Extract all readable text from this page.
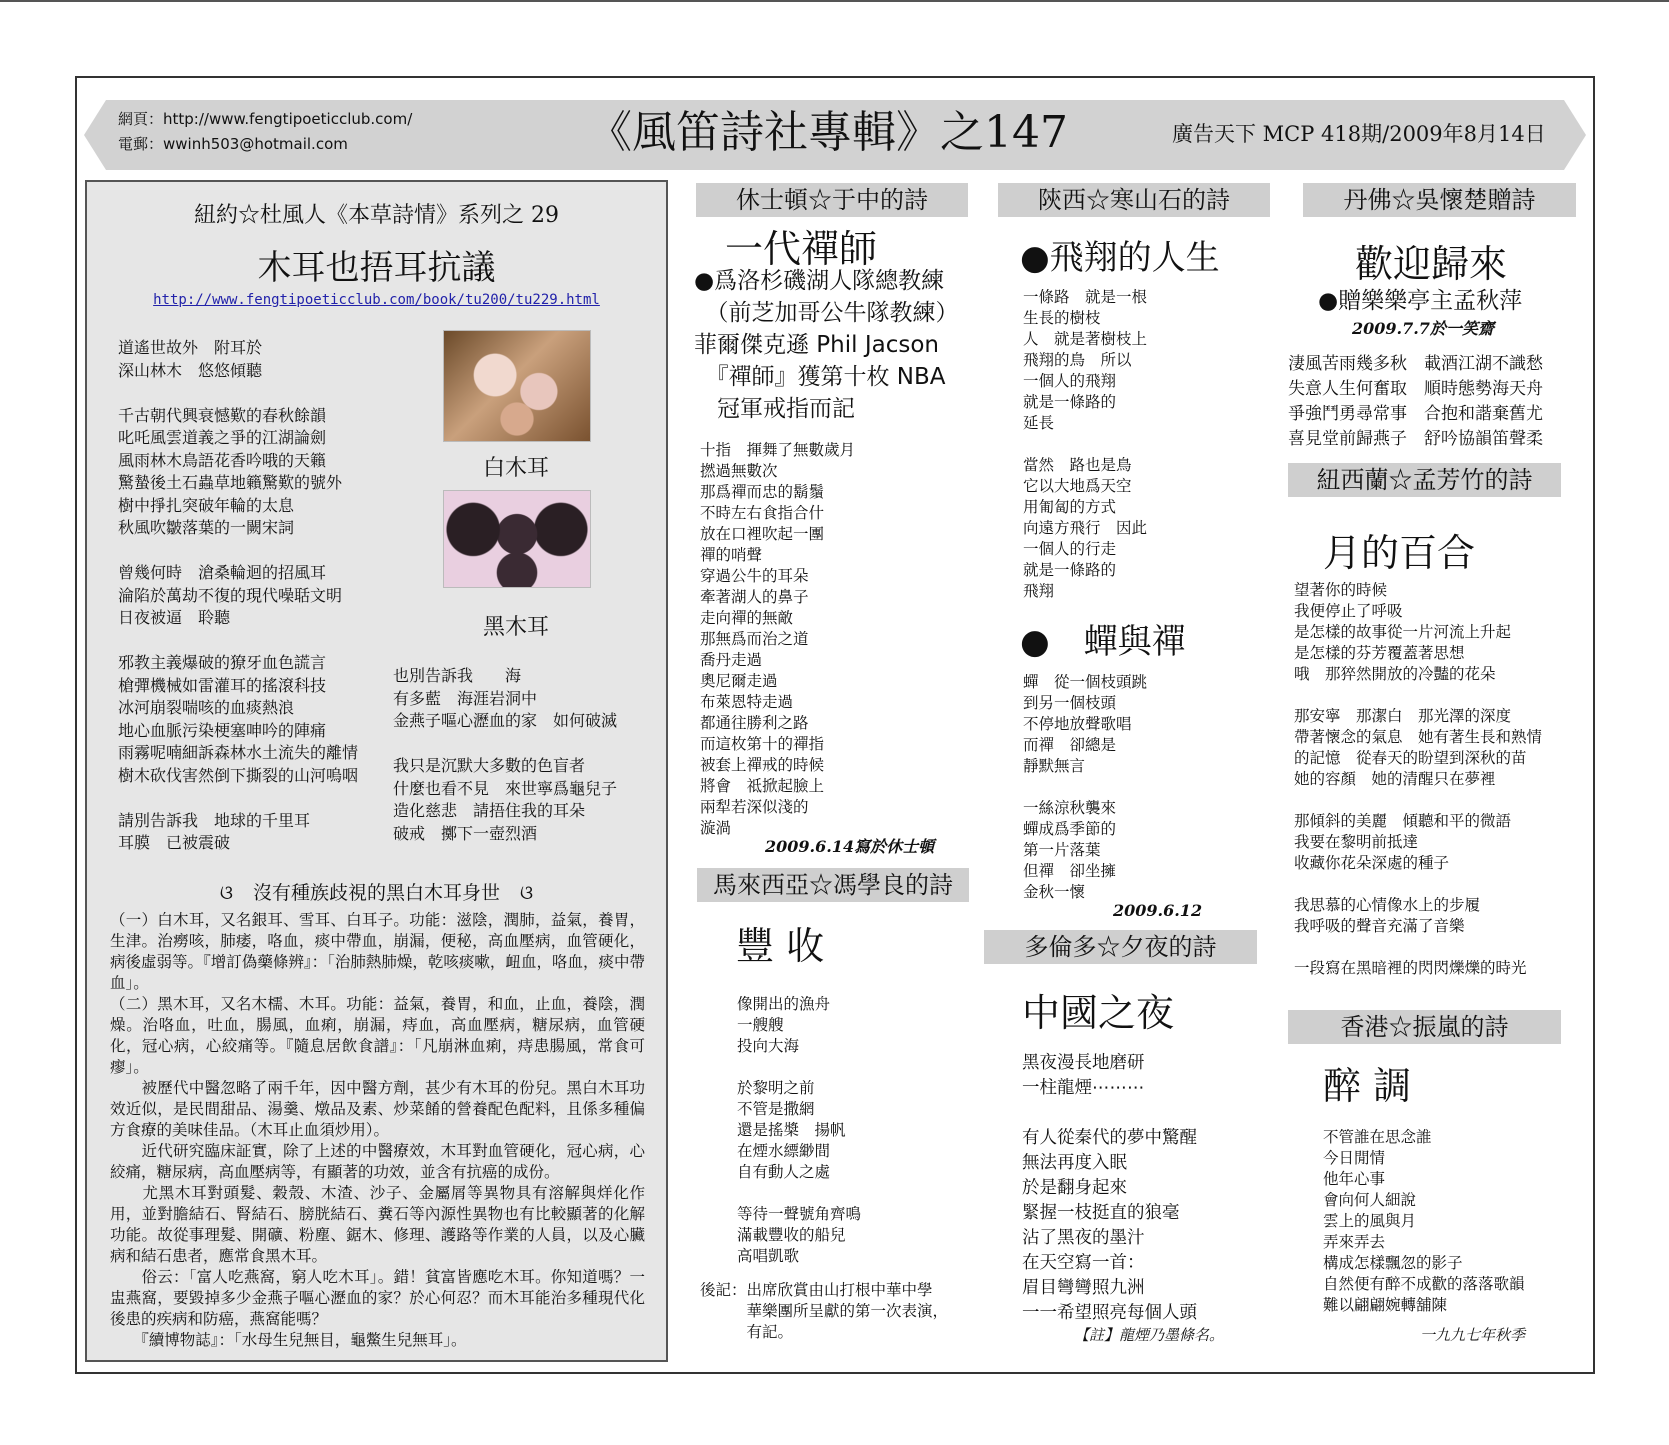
網頁：http://www.fengtipoeticclub.com/
電郵：wwinh503@hotmail.com	《風笛詩社專輯》之147	廣告天下 MCP 418期/2009年8月14日
紐約☆杜風人《本草詩情》系列之 29
木耳也捂耳抗議
http://www.fengtipoeticclub.com/book/tu200/tu229.html
道遙世故外　附耳於
深山林木　悠悠傾聽

千古朝代興衰憾歎的春秋餘韻
叱吒風雲道義之爭的江湖論劍
風雨林木鳥語花香吟哦的天籟
驚蟄後土石蟲草地籟驚歎的號外
樹中掙扎突破年輪的太息
秋風吹皺落葉的一闕宋詞

曾幾何時　滄桑輪迴的招風耳
淪陷於萬劫不復的現代噪聒文明
日夜被逼　聆聽

邪教主義爆破的獠牙血色謊言
槍彈機械如雷灌耳的搖滾科技
冰河崩裂喘咳的血痰熱浪
地心血脈污染梗塞呻吟的陣痛
雨霧呢喃細訴森林水土流失的離情
樹木砍伐害然倒下撕裂的山河嗚咽

請別告訴我　地球的千里耳
耳膜　已被震破
白木耳
黑木耳
也別告訴我　　海
有多藍　海涯岩洞中
金燕子嘔心瀝血的家　如何破滅

我只是沉默大多數的色盲者
什麼也看不見　來世寧爲龜兒子
造化慈悲　請捂住我的耳朵
破戒　擲下一壺烈酒
ଓ 沒有種族歧視的黑白木耳身世 ଓ

（一）白木耳，又名銀耳、雪耳、白耳子。功能：滋陰，潤肺，益氣，養胃，生津。治癆咳，肺痿，咯血，痰中帶血，崩漏，便秘，高血壓病，血管硬化，病後虛弱等。『增訂偽藥條辨』：「治肺熱肺燥，乾咳痰嗽，衄血，咯血，痰中帶血」。

（二）黑木耳，又名木檽、木耳。功能：益氣，養胃，和血，止血，養陰，潤燥。治咯血，吐血，腸風，血痢，崩漏，痔血，高血壓病，糖尿病，血管硬化，冠心病，心絞痛等。『隨息居飲食譜』：「凡崩淋血痢，痔患腸風，常食可瘳」。

　　被歷代中醫忽略了兩千年，因中醫方劑，甚少有木耳的份兒。黑白木耳功效近似，是民間甜品、湯羹、燉品及素、炒菜餚的營養配色配料，且係多種偏方食療的美味佳品。（木耳止血須炒用）。

　　近代研究臨床証實，除了上述的中醫療效，木耳對血管硬化，冠心病，心絞痛，糖尿病，高血壓病等，有顯著的功效，並含有抗癌的成份。

　　尤黑木耳對頭髮、穀殼、木渣、沙子、金屬屑等異物具有溶解與烊化作用，並對膽結石、腎結石、膀胱結石、糞石等內源性異物也有比較顯著的化解功能。故從事理髮、開礦、粉塵、鋸木、修理、護路等作業的人員，以及心臟病和結石患者，應常食黑木耳。

　　俗云：「富人吃燕窩，窮人吃木耳」。錯！貧富皆應吃木耳。你知道嗎？一盅燕窩，要毀掉多少金燕子嘔心瀝血的家？於心何忍？而木耳能治多種現代化後患的疾病和防癌，燕窩能嗎？

　　『續博物誌』：「水母生兒無目，龜鱉生兒無耳」。

休士頓☆于中的詩
一代禪師
●爲洛杉磯湖人隊總教練
　（前芝加哥公牛隊教練）
菲爾傑克遜 Phil Jacson
　『禪師』獲第十枚 NBA
　冠軍戒指而記
十指　揮舞了無數歲月
撚過無數次
那爲禪而忠的鬍鬚
不時左右食指合什
放在口裡吹起一團
禪的哨聲
穿過公牛的耳朵
牽著湖人的鼻子
走向禪的無敵
那無爲而治之道
喬丹走過
奧尼爾走過
布萊恩特走過
都通往勝利之路
而這枚第十的禪指
被套上禪戒的時候
將會　祗掀起臉上
兩犁若深似淺的
漩渦
2009.6.14寫於休士頓
馬來西亞☆馮學良的詩
豐 收
像開出的漁舟
一艘艘
投向大海

於黎明之前
不管是撒網
還是搖槳　揚帆
在煙水縹緲間
自有動人之處

等待一聲號角齊鳴
滿載豐收的船兒
高唱凱歌
後記：出席欣賞由山打根中華中學
　　　華樂團所呈獻的第一次表演，
　　　有記。
陝西☆寒山石的詩
●飛翔的人生
一條路　就是一根
生長的樹枝
人　就是著樹枝上
飛翔的鳥　所以
一個人的飛翔
就是一條路的
延長

當然　路也是鳥
它以大地爲天空
用匍匐的方式
向遠方飛行　因此
一個人的行走
就是一條路的
飛翔
●　蟬與禪
蟬　從一個枝頭跳
到另一個枝頭
不停地放聲歌唱
而禪　卻總是
靜默無言

一絲涼秋襲來
蟬成爲季節的
第一片落葉
但禪　卻坐擁
金秋一懷
2009.6.12
多倫多☆夕夜的詩
中國之夜
黑夜漫長地磨研
一柱龍煙⋯⋯⋯

有人從秦代的夢中驚醒
無法再度入眠
於是翻身起來
緊握一枝挺直的狼毫
沾了黑夜的墨汁
在天空寫一首：
眉目彎彎照九洲
一一希望照亮每個人頭
【註】龍煙乃墨條名。
丹佛☆吳懷楚贈詩
歡迎歸來
●贈樂樂亭主孟秋萍
2009.7.7於一笑齋
淒風苦雨幾多秋　載酒江湖不識愁
失意人生何奮取　順時態勢海天舟
爭強鬥勇尋常事　合抱和諧棄舊尤
喜見堂前歸燕子　舒吟協韻笛聲柔
紐西蘭☆孟芳竹的詩
月的百合
望著你的時候
我便停止了呼吸
是怎樣的故事從一片河流上升起
是怎樣的芬芳覆蓋著思想
哦　那猝然開放的冷豔的花朵

那安寧　那潔白　那光澤的深度
帶著懷念的氣息　她有著生長和熟情
的記憶　從春天的盼望到深秋的苗
她的容顏　她的清醒只在夢裡

那傾斜的美麗　傾聽和平的微語
我要在黎明前抵達
收藏你花朵深處的種子

我思慕的心情像水上的步履
我呼吸的聲音充滿了音樂

一段寫在黑暗裡的閃閃爍爍的時光
香港☆振嵐的詩
醉 調
不管誰在思念誰
今日閒情
他年心事
會向何人細說
雲上的風與月
弄來弄去
構成怎樣飄忽的影子
自然便有醉不成歡的落落歌韻
難以翩翩婉轉舖陳
一九九七年秋季
